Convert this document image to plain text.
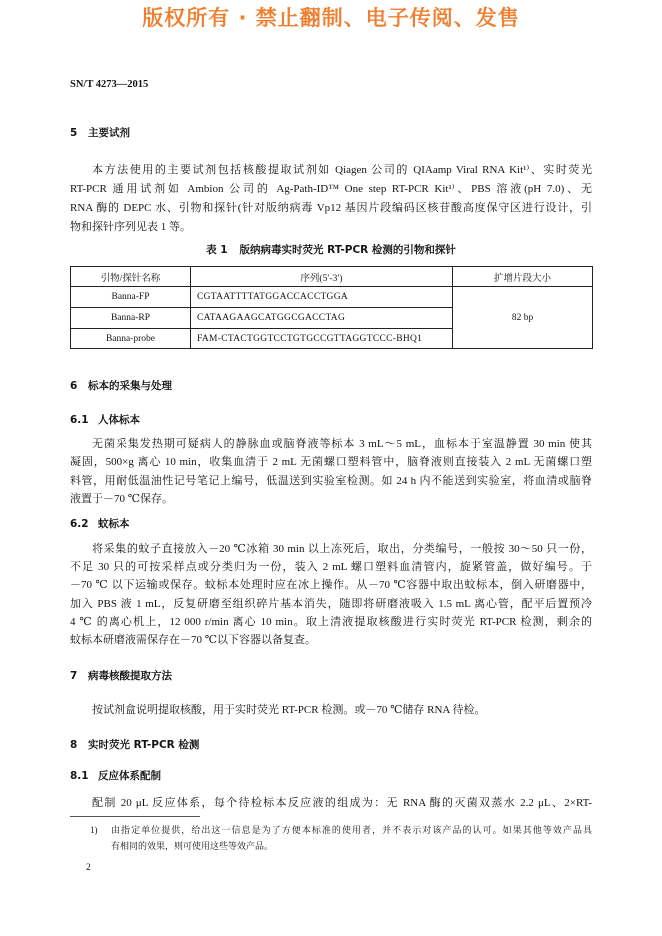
版权所有 · 禁止翻制、电子传阅、发售
SN/T 4273—2015
5 主要试剂
本方法使用的主要试剂包括核酸提取试剂如 Qiagen 公司的 QIAamp Viral RNA Kit¹⁾、实时荧光
RT-PCR 通用试剂如 Ambion 公司的 Ag-Path-ID™ One step RT-PCR Kit¹⁾、PBS 溶液(pH 7.0)、无
RNA 酶的 DEPC 水、引物和探针(针对版纳病毒 Vp12 基因片段编码区核苷酸高度保守区进行设计，引
物和探针序列见表 1 等。
表 1 版纳病毒实时荧光 RT-PCR 检测的引物和探针
引物/探针名称	序列(5′-3′)	扩增片段大小
Banna-FP	CGTAATTTTATGGACCACCTGGA	82 bp
Banna-RP	CATAAGAAGCATGGCGACCTAG	
Banna-probe	FAM-CTACTGGTCCTGTGCCGTTAGGTCCC-BHQ1	
6 标本的采集与处理
6.1 人体标本
无菌采集发热期可疑病人的静脉血或脑脊液等标本 3 mL～5 mL，血标本于室温静置 30 min 使其
凝固，500×g 离心 10 min，收集血清于 2 mL 无菌螺口塑料管中，脑脊液则直接装入 2 mL 无菌螺口塑
料管，用耐低温油性记号笔记上编号，低温送到实验室检测。如 24 h 内不能送到实验室，将血清或脑脊
液置于－70 ℃保存。
6.2 蚊标本
将采集的蚊子直接放入－20 ℃冰箱 30 min 以上冻死后，取出，分类编号，一般按 30～50 只一份，
不足 30 只的可按采样点或分类归为一份，装入 2 mL 螺口塑料血清管内，旋紧管盖，做好编号。于
－70 ℃ 以下运输或保存。蚊标本处理时应在冰上操作。从－70 ℃容器中取出蚊标本，倒入研磨器中，
加入 PBS 液 1 mL，反复研磨至组织碎片基本消失，随即将研磨液吸入 1.5 mL 离心管，配平后置预冷
4 ℃ 的离心机上，12 000 r/min 离心 10 min。取上清液提取核酸进行实时荧光 RT-PCR 检测，剩余的
蚊标本研磨液需保存在－70 ℃以下容器以备复查。
7 病毒核酸提取方法
按试剂盒说明提取核酸，用于实时荧光 RT-PCR 检测。或－70 ℃储存 RNA 待检。
8 实时荧光 RT-PCR 检测
8.1 反应体系配制
配制 20 μL 反应体系，每个待检标本反应液的组成为：无 RNA 酶的灭菌双蒸水 2.2 μL、2×RT-
1) 由指定单位提供，给出这一信息是为了方便本标准的使用者，并不表示对该产品的认可。如果其他等效产品具
有相同的效果，则可使用这些等效产品。
2
